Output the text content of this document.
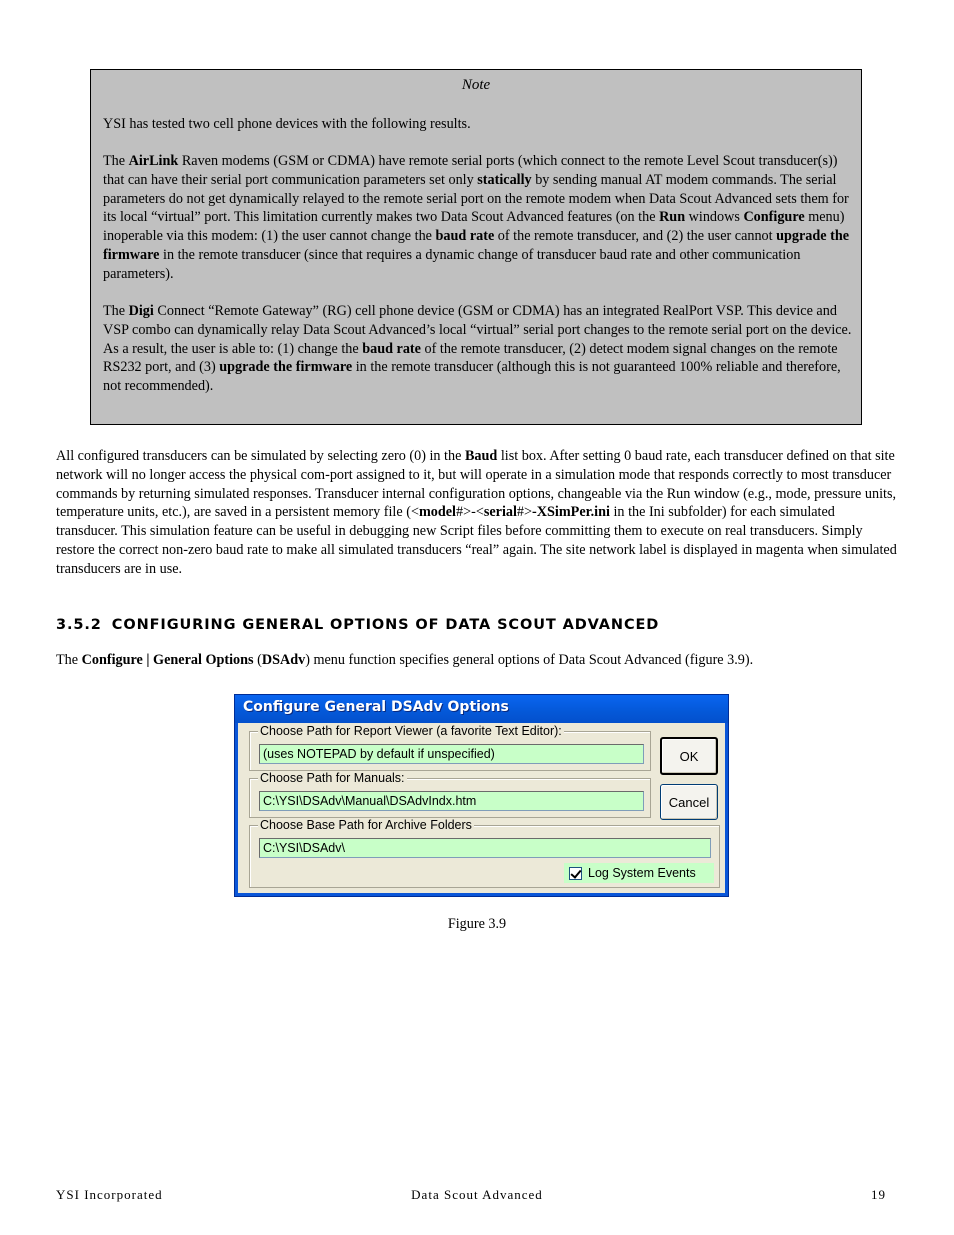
Note

YSI has tested two cell phone devices with the following results.

The AirLink Raven modems (GSM or CDMA) have remote serial ports (which connect to the remote Level Scout transducer(s)) that can have their serial port communication parameters set only statically by sending manual AT modem commands. The serial parameters do not get dynamically relayed to the remote serial port on the remote modem when Data Scout Advanced sets them for its local “virtual” port. This limitation currently makes two Data Scout Advanced features (on the Run windows Configure menu) inoperable via this modem: (1) the user cannot change the baud rate of the remote transducer, and (2) the user cannot upgrade the firmware in the remote transducer (since that requires a dynamic change of transducer baud rate and other communication parameters).

The Digi Connect “Remote Gateway” (RG) cell phone device (GSM or CDMA) has an integrated RealPort VSP. This device and VSP combo can dynamically relay Data Scout Advanced’s local “virtual” serial port changes to the remote serial port on the device. As a result, the user is able to: (1) change the baud rate of the remote transducer, (2) detect modem signal changes on the remote RS232 port, and (3) upgrade the firmware in the remote transducer (although this is not guaranteed 100% reliable and therefore, not recommended).

All configured transducers can be simulated by selecting zero (0) in the Baud list box. After setting 0 baud rate, each transducer defined on that site network will no longer access the physical com-port assigned to it, but will operate in a simulation mode that responds correctly to most transducer commands by returning simulated responses. Transducer internal configuration options, changeable via the Run window (e.g., mode, pressure units, temperature units, etc.), are saved in a persistent memory file (<model#>-<serial#>-XSimPer.ini in the Ini subfolder) for each simulated transducer. This simulation feature can be useful in debugging new Script files before committing them to execute on real transducers. Simply restore the correct non-zero baud rate to make all simulated transducers “real” again. The site network label is displayed in magenta when simulated transducers are in use.

3.5.2 CONFIGURING GENERAL OPTIONS OF DATA SCOUT ADVANCED

The Configure | General Options (DSAdv) menu function specifies general options of Data Scout Advanced (figure 3.9).

Configure General DSAdv Options
Choose Path for Report Viewer (a favorite Text Editor):
(uses NOTEPAD by default if unspecified)
Choose Path for Manuals:
C:\YSI\DSAdv\Manual\DSAdvIndx.htm
Choose Base Path for Archive Folders
C:\YSI\DSAdv\
OK
Cancel
Log System Events
Figure 3.9
YSI Incorporated	Data Scout Advanced	19
